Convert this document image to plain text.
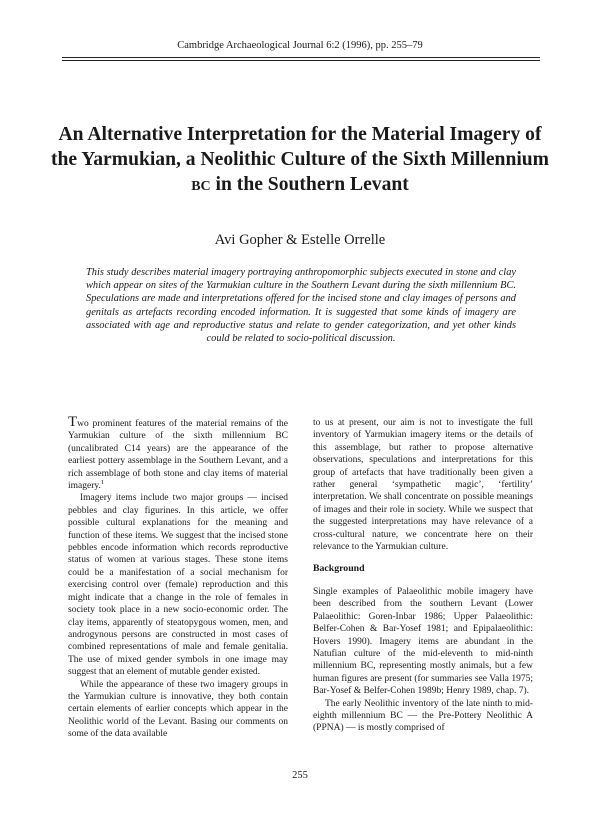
Cambridge Archaeological Journal 6:2 (1996), pp. 255–79
An Alternative Interpretation for the Material Imagery of
the Yarmukian, a Neolithic Culture of the Sixth Millennium
bc in the Southern Levant
Avi Gopher & Estelle Orrelle

This study describes material imagery portraying anthropomorphic subjects executed in stone and clay which appear on sites of the Yarmukian culture in the Southern Levant during the sixth millennium BC. Speculations are made and interpretations offered for the incised stone and clay images of persons and genitals as artefacts recording encoded information. It is suggested that some kinds of imagery are associated with age and reproductive status and relate to gender categorization, and yet other kinds could be related to socio-political discussion.

Two prominent features of the material remains of the Yarmukian culture of the sixth millennium BC (uncalibrated C14 years) are the appearance of the earliest pottery assemblage in the Southern Levant, and a rich assemblage of both stone and clay items of material imagery.$^1$

Imagery items include two major groups — incised pebbles and clay figurines. In this article, we offer possible cultural explanations for the meaning and function of these items. We suggest that the incised stone pebbles encode information which records reproductive status of women at various stages. These stone items could be a manifestation of a social mechanism for exercising control over (female) reproduction and this might indicate that a change in the role of females in society took place in a new socio-economic order. The clay items, apparently of steatopygous women, men, and androgynous persons are constructed in most cases of combined representations of male and female genitalia. The use of mixed gender symbols in one image may suggest that an element of mutable gender existed.

While the appearance of these two imagery groups in the Yarmukian culture is innovative, they both contain certain elements of earlier concepts which appear in the Neolithic world of the Levant. Basing our comments on some of the data available

to us at present, our aim is not to investigate the full inventory of Yarmukian imagery items or the details of this assemblage, but rather to propose alternative observations, speculations and interpretations for this group of artefacts that have traditionally been given a rather general ‘sympathetic magic’, ‘fertility’ interpretation. We shall concentrate on possible meanings of images and their role in society. While we suspect that the suggested interpretations may have relevance of a cross-cultural nature, we concentrate here on their relevance to the Yarmukian culture.

Background

Single examples of Palaeolithic mobile imagery have been described from the southern Levant (Lower Palaeolithic: Goren-Inbar 1986; Upper Palaeolithic: Belfer-Cohen & Bar-Yosef 1981; and Epipalaeolithic: Hovers 1990). Imagery items are abundant in the Natufian culture of the mid-eleventh to mid-ninth millennium BC, representing mostly animals, but a few human figures are present (for summaries see Valla 1975; Bar-Yosef & Belfer-Cohen 1989b; Henry 1989, chap. 7).

The early Neolithic inventory of the late ninth to mid-eighth millennium BC — the Pre-Pottery Neolithic A (PPNA) — is mostly comprised of

255
